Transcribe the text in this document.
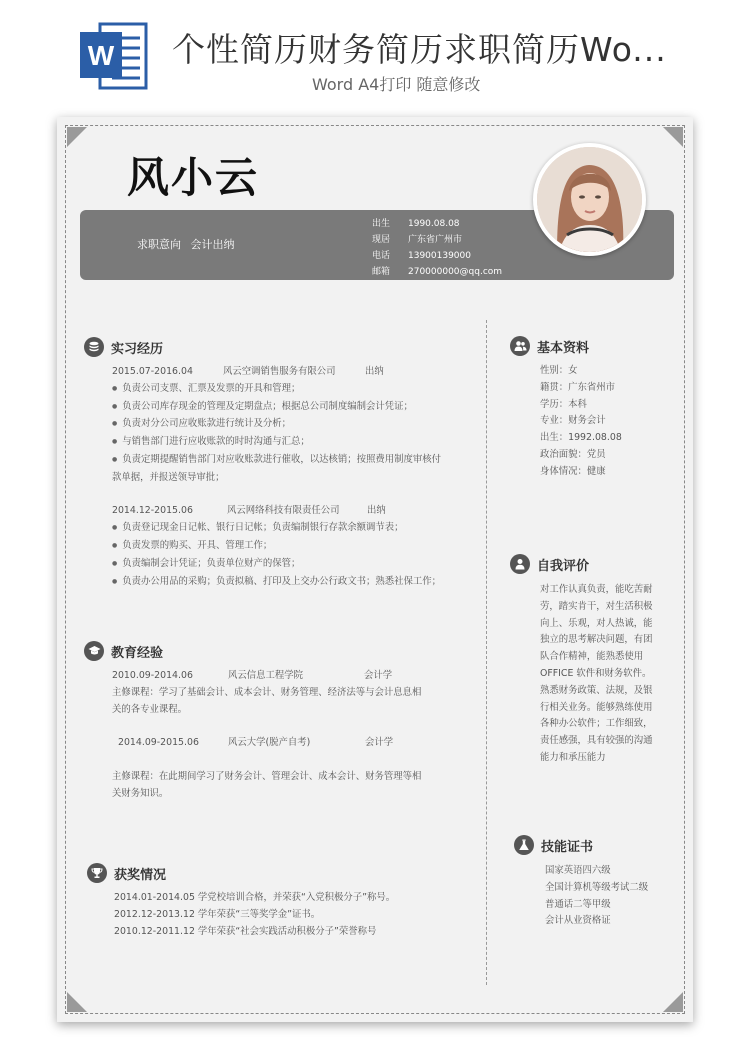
W 个性简历财务简历求职简历Wo...
Word A4打印 随意修改
风小云
求职意向 会计出纳
出生 1990.08.08
现居 广东省广州市
电话 13900139000
邮箱 270000000@qq.com
实习经历
2015.07-2016.04	风云空调销售服务有限公司	出纳
● 负责公司支票、汇票及发票的开具和管理；
● 负责公司库存现金的管理及定期盘点；根据总公司制度编制会计凭证；
● 负责对分公司应收账款进行统计及分析；
● 与销售部门进行应收账款的时时沟通与汇总；
● 负责定期提醒销售部门对应收账款进行催收，以达核销；按照费用制度审核付
款单据，并报送领导审批；
2014.12-2015.06	风云网络科技有限责任公司	出纳
● 负责登记现金日记帐、银行日记帐；负责编制银行存款余额调节表；
● 负责发票的购买、开具、管理工作；
● 负责编制会计凭证；负责单位财产的保管；
● 负责办公用品的采购；负责拟稿、打印及上交办公行政文书；熟悉社保工作；
教育经验
2010.09-2014.06	风云信息工程学院	会计学
主修课程：学习了基础会计、成本会计、财务管理、经济法等与会计息息相
关的各专业课程。
2014.09-2015.06	风云大学(脱产自考)	会计学
主修课程：在此期间学习了财务会计、管理会计、成本会计、财务管理等相
关财务知识。
获奖情况
2014.01-2014.05 学党校培训合格，并荣获“入党积极分子”称号。
2012.12-2013.12 学年荣获“三等奖学金”证书。
2010.12-2011.12 学年荣获“社会实践活动积极分子”荣誉称号
基本资料
性别：女
籍贯：广东省州市
学历：本科
专业：财务会计
出生：1992.08.08
政治面貌：党员
身体情况：健康
自我评价
对工作认真负责，能吃苦耐
劳，踏实肯干，对生活积极
向上、乐观，对人热诚，能
独立的思考解决问题，有团
队合作精神，能熟悉使用
OFFICE 软件和财务软件。
熟悉财务政策、法规，及银
行相关业务。能够熟练使用
各种办公软件；工作细致，
责任感强，具有较强的沟通
能力和承压能力
技能证书
国家英语四六级
全国计算机等级考试二级
普通话二等甲级
会计从业资格证
